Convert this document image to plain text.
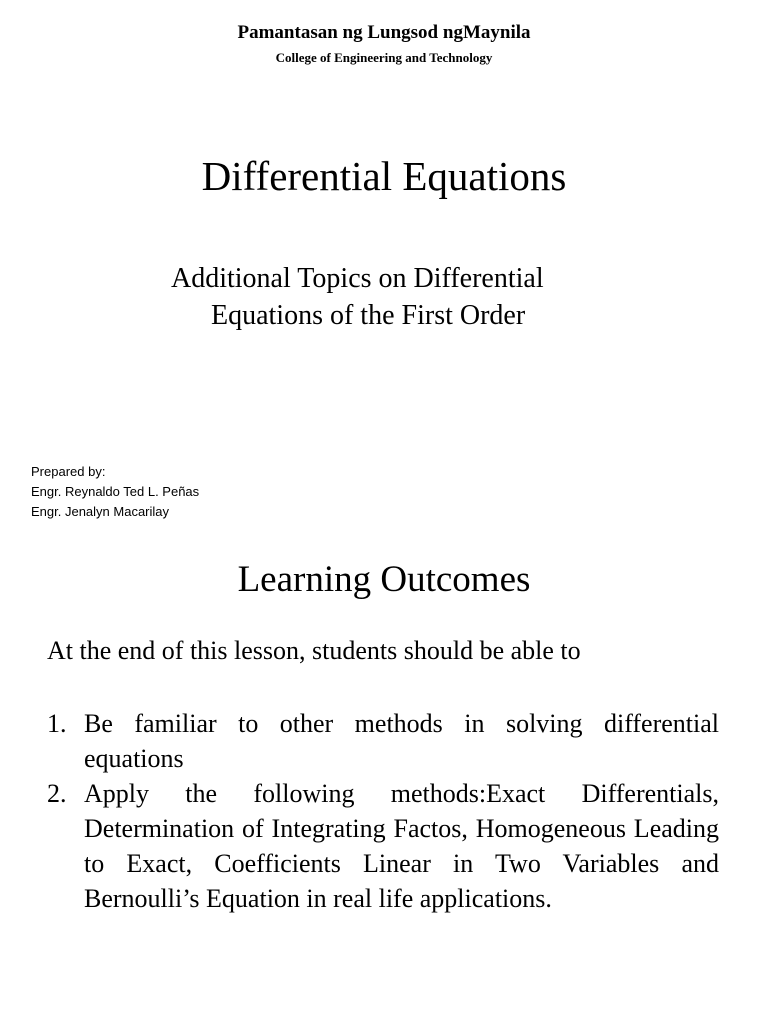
Pamantasan ng Lungsod ngMaynila
College of Engineering and Technology
Differential Equations
Additional Topics on Differential
Equations of the First Order
Prepared by:
Engr. Reynaldo Ted L. Peñas
Engr. Jenalyn Macarilay
Learning Outcomes
At the end of this lesson, students should be able to
1. Be familiar to other methods in solving differential equations
2. Apply the following methods:Exact Differentials, Determination of Integrating Factos, Homogeneous Leading to Exact, Coefficients Linear in Two Variables and Bernoulli’s Equation in real life applications.
